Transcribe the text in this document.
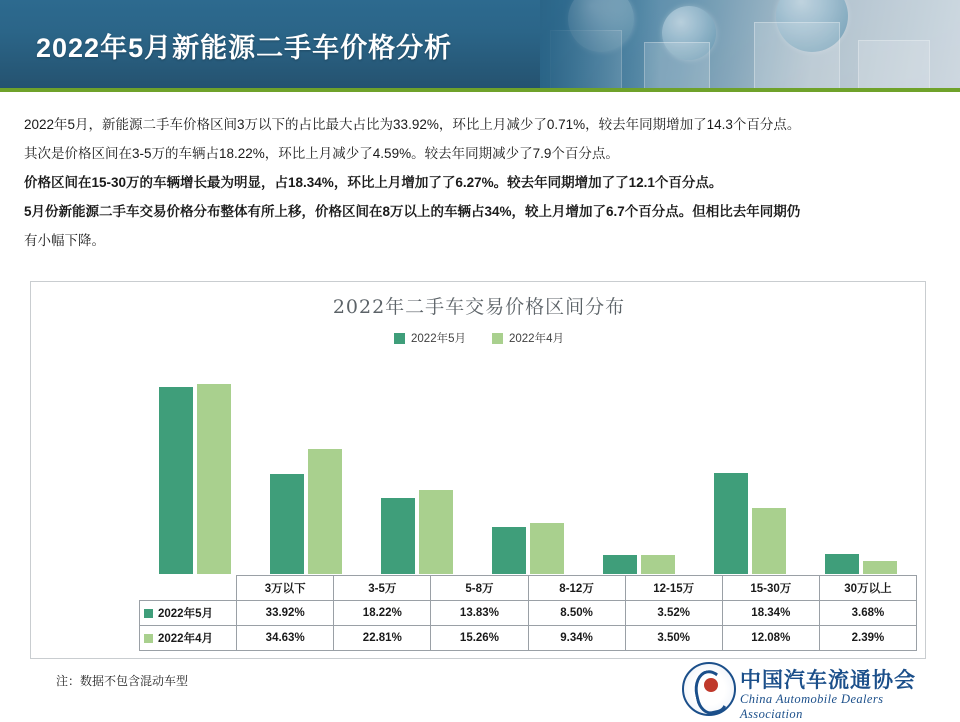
2022年5月新能源二手车价格分析

2022年5月，新能源二手车价格区间3万以下的占比最大占比为33.92%，环比上月减少了0.71%，较去年同期增加了14.3个百分点。

其次是价格区间在3-5万的车辆占18.22%，环比上月减少了4.59%。较去年同期减少了7.9个百分点。

价格区间在15-30万的车辆增长最为明显，占18.34%，环比上月增加了了6.27%。较去年同期增加了了12.1个百分点。

5月份新能源二手车交易价格分布整体有所上移，价格区间在8万以上的车辆占34%，较上月增加了6.7个百分点。但相比去年同期仍

有小幅下降。

2022年二手车交易价格区间分布
2022年5月	2022年4月
	3万以下	3-5万	5-8万	8-12万	12-15万	15-30万	30万以上
2022年5月	33.92%	18.22%	13.83%	8.50%	3.52%	18.34%	3.68%
2022年4月	34.63%	22.81%	15.26%	9.34%	3.50%	12.08%	2.39%
注：数据不包含混动车型	中国汽车流通协会
China Automobile Dealers Association
